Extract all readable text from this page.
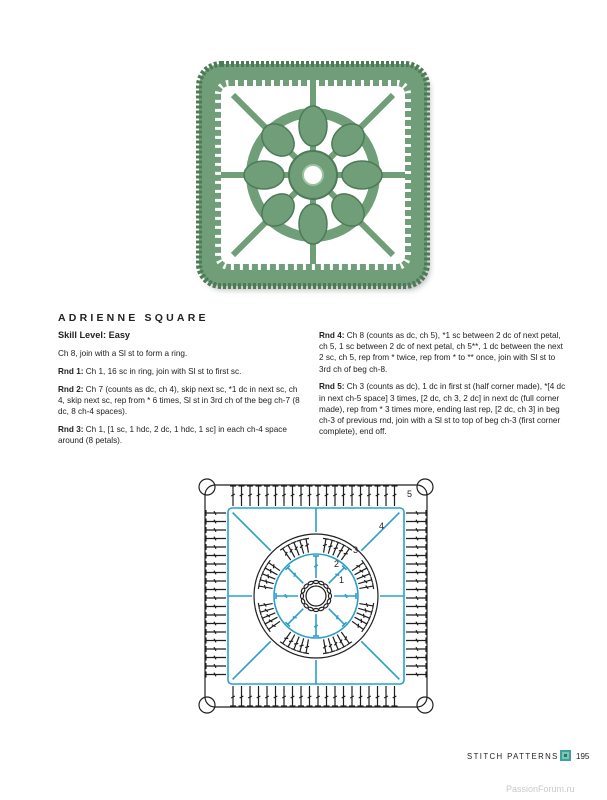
ADRIENNE SQUARE

Skill Level: Easy

Ch 8, join with a Sl st to form a ring.

Rnd 1: Ch 1, 16 sc in ring, join with Sl st to first sc.

Rnd 2: Ch 7 (counts as dc, ch 4), skip next sc, *1 dc in next sc, ch 4, skip next sc, rep from * 6 times, Sl st in 3rd ch of the beg ch-7 (8 dc, 8 ch-4 spaces).

Rnd 3: Ch 1, [1 sc, 1 hdc, 2 dc, 1 hdc, 1 sc] in each ch-4 space around (8 petals).

Rnd 4: Ch 8 (counts as dc, ch 5), *1 sc between 2 dc of next petal, ch 5, 1 sc between 2 dc of next petal, ch 5**, 1 dc between the next 2 sc, ch 5, rep from * twice, rep from * to ** once, join with Sl st to 3rd ch of beg ch-8.

Rnd 5: Ch 3 (counts as dc), 1 dc in first st (half corner made), *[4 dc in next ch-5 space] 3 times, [2 dc, ch 3, 2 dc] in next dc (full corner made), rep from * 3 times more, ending last rep, [2 dc, ch 3] in beg ch-3 of previous rnd, join with a Sl st to top of beg ch-3 (first corner complete), end off.

1
2
3
4
5
STITCH PATTERNS 195
PassionForum.ru
